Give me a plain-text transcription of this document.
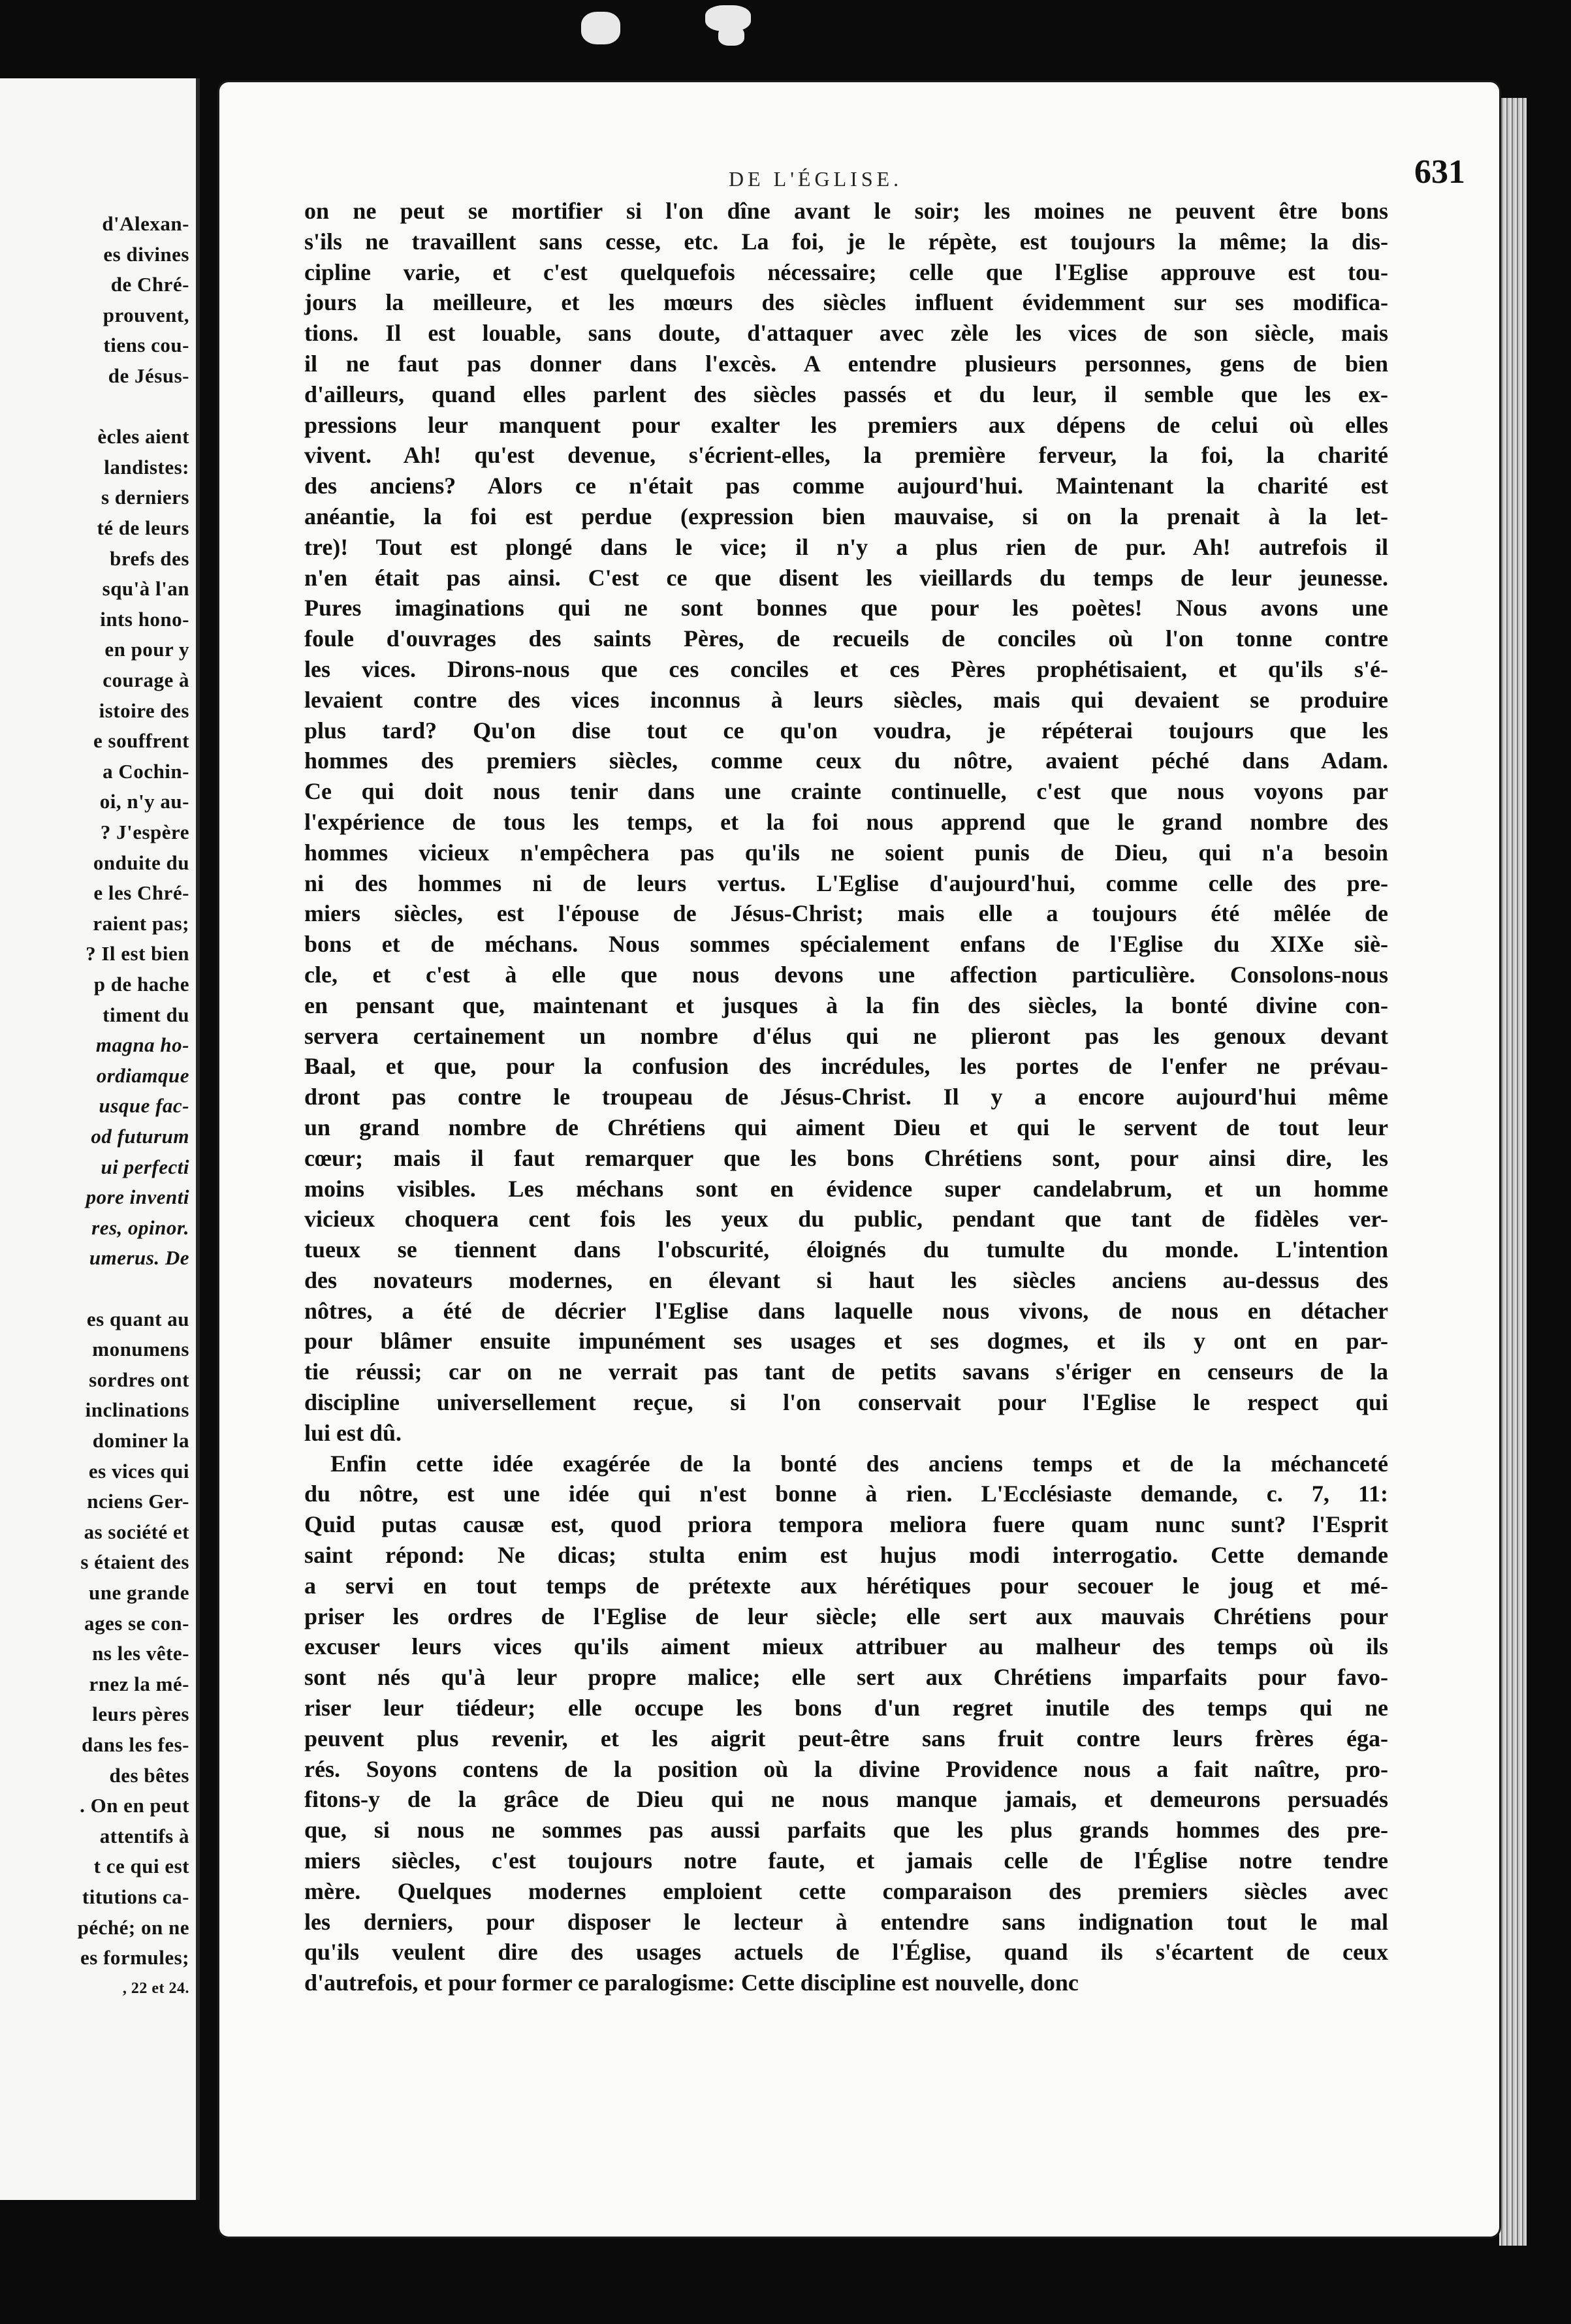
d'Alexan-
es divines
de Chré-
prouvent,
tiens cou-
de Jésus-
ècles aient
landistes:
s derniers
té de leurs
brefs des
squ'à l'an
ints hono-
en pour y
courage à
istoire des
e souffrent
a Cochin-
oi, n'y au-
? J'espère
onduite du
e les Chré-
raient pas;
? Il est bien
p de hache
timent du
magna ho-
ordiamque
usque fac-
od futurum
ui perfecti
pore inventi
res, opinor.
umerus. De
es quant au
monumens
sordres ont
inclinations
dominer la
es vices qui
nciens Ger-
as société et
s étaient des
une grande
ages se con-
ns les vête-
rnez la mé-
leurs pères
dans les fes-
des bêtes
. On en peut
attentifs à
t ce qui est
titutions ca-
péché; on ne
es formules;
, 22 et 24.
DE L'ÉGLISE.	631
on ne peut se mortifier si l'on dîne avant le soir; les moines ne peuvent être bons
s'ils ne travaillent sans cesse, etc. La foi, je le répète, est toujours la même; la dis-
cipline varie, et c'est quelquefois nécessaire; celle que l'Eglise approuve est tou-
jours la meilleure, et les mœurs des siècles influent évidemment sur ses modifica-
tions. Il est louable, sans doute, d'attaquer avec zèle les vices de son siècle, mais
il ne faut pas donner dans l'excès. A entendre plusieurs personnes, gens de bien
d'ailleurs, quand elles parlent des siècles passés et du leur, il semble que les ex-
pressions leur manquent pour exalter les premiers aux dépens de celui où elles
vivent. Ah! qu'est devenue, s'écrient-elles, la première ferveur, la foi, la charité
des anciens? Alors ce n'était pas comme aujourd'hui. Maintenant la charité est
anéantie, la foi est perdue (expression bien mauvaise, si on la prenait à la let-
tre)! Tout est plongé dans le vice; il n'y a plus rien de pur. Ah! autrefois il
n'en était pas ainsi. C'est ce que disent les vieillards du temps de leur jeunesse.
Pures imaginations qui ne sont bonnes que pour les poètes! Nous avons une
foule d'ouvrages des saints Pères, de recueils de conciles où l'on tonne contre
les vices. Dirons-nous que ces conciles et ces Pères prophétisaient, et qu'ils s'é-
levaient contre des vices inconnus à leurs siècles, mais qui devaient se produire
plus tard? Qu'on dise tout ce qu'on voudra, je répéterai toujours que les
hommes des premiers siècles, comme ceux du nôtre, avaient péché dans Adam.
Ce qui doit nous tenir dans une crainte continuelle, c'est que nous voyons par
l'expérience de tous les temps, et la foi nous apprend que le grand nombre des
hommes vicieux n'empêchera pas qu'ils ne soient punis de Dieu, qui n'a besoin
ni des hommes ni de leurs vertus. L'Eglise d'aujourd'hui, comme celle des pre-
miers siècles, est l'épouse de Jésus-Christ; mais elle a toujours été mêlée de
bons et de méchans. Nous sommes spécialement enfans de l'Eglise du XIXe siè-
cle, et c'est à elle que nous devons une affection particulière. Consolons-nous
en pensant que, maintenant et jusques à la fin des siècles, la bonté divine con-
servera certainement un nombre d'élus qui ne plieront pas les genoux devant
Baal, et que, pour la confusion des incrédules, les portes de l'enfer ne prévau-
dront pas contre le troupeau de Jésus-Christ. Il y a encore aujourd'hui même
un grand nombre de Chrétiens qui aiment Dieu et qui le servent de tout leur
cœur; mais il faut remarquer que les bons Chrétiens sont, pour ainsi dire, les
moins visibles. Les méchans sont en évidence super candelabrum, et un homme
vicieux choquera cent fois les yeux du public, pendant que tant de fidèles ver-
tueux se tiennent dans l'obscurité, éloignés du tumulte du monde. L'intention
des novateurs modernes, en élevant si haut les siècles anciens au-dessus des
nôtres, a été de décrier l'Eglise dans laquelle nous vivons, de nous en détacher
pour blâmer ensuite impunément ses usages et ses dogmes, et ils y ont en par-
tie réussi; car on ne verrait pas tant de petits savans s'ériger en censeurs de la
discipline universellement reçue, si l'on conservait pour l'Eglise le respect qui
lui est dû.
Enfin cette idée exagérée de la bonté des anciens temps et de la méchanceté
du nôtre, est une idée qui n'est bonne à rien. L'Ecclésiaste demande, c. 7, 11:
Quid putas causæ est, quod priora tempora meliora fuere quam nunc sunt? l'Esprit
saint répond: Ne dicas; stulta enim est hujus modi interrogatio. Cette demande
a servi en tout temps de prétexte aux hérétiques pour secouer le joug et mé-
priser les ordres de l'Eglise de leur siècle; elle sert aux mauvais Chrétiens pour
excuser leurs vices qu'ils aiment mieux attribuer au malheur des temps où ils
sont nés qu'à leur propre malice; elle sert aux Chrétiens imparfaits pour favo-
riser leur tiédeur; elle occupe les bons d'un regret inutile des temps qui ne
peuvent plus revenir, et les aigrit peut-être sans fruit contre leurs frères éga-
rés. Soyons contens de la position où la divine Providence nous a fait naître, pro-
fitons-y de la grâce de Dieu qui ne nous manque jamais, et demeurons persuadés
que, si nous ne sommes pas aussi parfaits que les plus grands hommes des pre-
miers siècles, c'est toujours notre faute, et jamais celle de l'Église notre tendre
mère. Quelques modernes emploient cette comparaison des premiers siècles avec
les derniers, pour disposer le lecteur à entendre sans indignation tout le mal
qu'ils veulent dire des usages actuels de l'Église, quand ils s'écartent de ceux
d'autrefois, et pour former ce paralogisme: Cette discipline est nouvelle, donc
